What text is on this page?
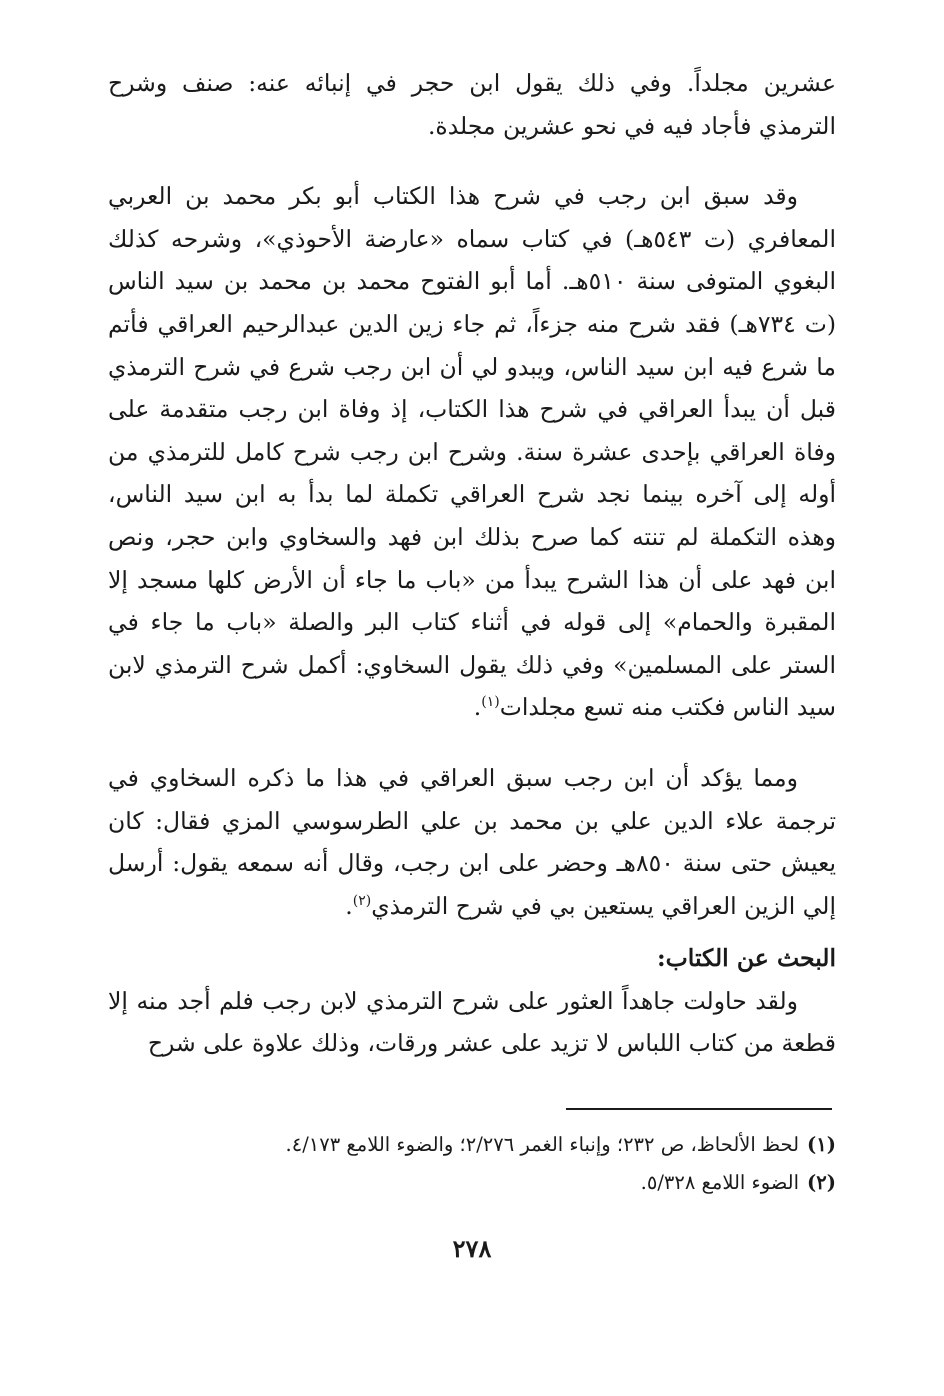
عشرين مجلداً. وفي ذلك يقول ابن حجر في إنبائه عنه: صنف وشرح الترمذي فأجاد فيه في نحو عشرين مجلدة.

وقد سبق ابن رجب في شرح هذا الكتاب أبو بكر محمد بن العربي المعافري (ت ٥٤٣هـ) في كتاب سماه «عارضة الأحوذي»، وشرحه كذلك البغوي المتوفى سنة ٥١٠هـ. أما أبو الفتوح محمد بن محمد بن سيد الناس (ت ٧٣٤هـ) فقد شرح منه جزءاً، ثم جاء زين الدين عبدالرحيم العراقي فأتم ما شرع فيه ابن سيد الناس، ويبدو لي أن ابن رجب شرع في شرح الترمذي قبل أن يبدأ العراقي في شرح هذا الكتاب، إذ وفاة ابن رجب متقدمة على وفاة العراقي بإحدى عشرة سنة. وشرح ابن رجب شرح كامل للترمذي من أوله إلى آخره بينما نجد شرح العراقي تكملة لما بدأ به ابن سيد الناس، وهذه التكملة لم تنته كما صرح بذلك ابن فهد والسخاوي وابن حجر، ونص ابن فهد على أن هذا الشرح يبدأ من «باب ما جاء أن الأرض كلها مسجد إلا المقبرة والحمام» إلى قوله في أثناء كتاب البر والصلة «باب ما جاء في الستر على المسلمين» وفي ذلك يقول السخاوي: أكمل شرح الترمذي لابن سيد الناس فكتب منه تسع مجلدات$^{(١)}$.

ومما يؤكد أن ابن رجب سبق العراقي في هذا ما ذكره السخاوي في ترجمة علاء الدين علي بن محمد بن علي الطرسوسي المزي فقال: كان يعيش حتى سنة ٨٥٠هـ وحضر على ابن رجب، وقال أنه سمعه يقول: أرسل إلي الزين العراقي يستعين بي في شرح الترمذي$^{(٢)}$.

البحث عن الكتاب:

ولقد حاولت جاهداً العثور على شرح الترمذي لابن رجب فلم أجد منه إلا قطعة من كتاب اللباس لا تزيد على عشر ورقات، وذلك علاوة على شرح

(١)لحظ الألحاظ، ص ٢٣٢؛ وإنباء الغمر ٢/٢٧٦؛ والضوء اللامع ٤/١٧٣.

(٢)الضوء اللامع ٥/٣٢٨.

٢٧٨
